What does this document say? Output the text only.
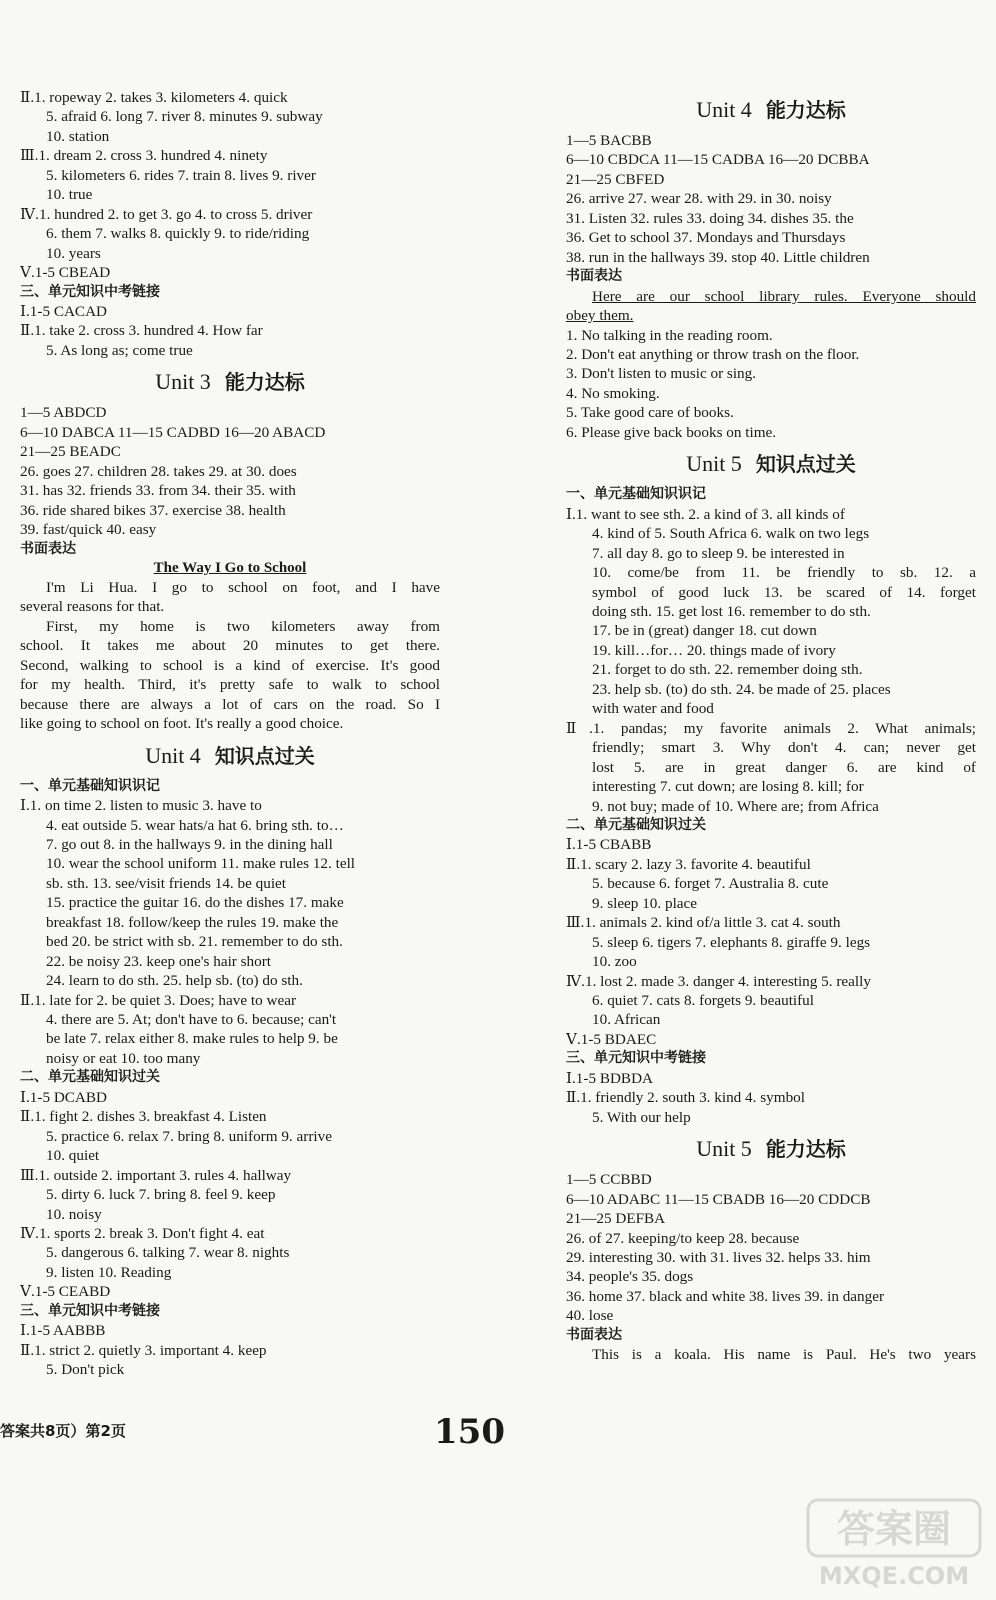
Ⅱ.1. ropeway 2. takes 3. kilometers 4. quick
5. afraid 6. long 7. river 8. minutes 9. subway
10. station
Ⅲ.1. dream 2. cross 3. hundred 4. ninety
5. kilometers 6. rides 7. train 8. lives 9. river
10. true
Ⅳ.1. hundred 2. to get 3. go 4. to cross 5. driver
6. them 7. walks 8. quickly 9. to ride/riding
10. years
Ⅴ.1-5 CBEAD
三、单元知识中考链接
Ⅰ.1-5 CACAD
Ⅱ.1. take 2. cross 3. hundred 4. How far
5. As long as; come true
Unit 3 能力达标
1—5 ABDCD
6—10 DABCA 11—15 CADBD 16—20 ABACD
21—25 BEADC
26. goes 27. children 28. takes 29. at 30. does
31. has 32. friends 33. from 34. their 35. with
36. ride shared bikes 37. exercise 38. health
39. fast/quick 40. easy
书面表达
The Way I Go to School
I'm Li Hua. I go to school on foot, and I have
several reasons for that.
First, my home is two kilometers away from
school. It takes me about 20 minutes to get there.
Second, walking to school is a kind of exercise. It's good
for my health. Third, it's pretty safe to walk to school
because there are always a lot of cars on the road. So I
like going to school on foot. It's really a good choice.
Unit 4 知识点过关
一、单元基础知识识记
Ⅰ.1. on time 2. listen to music 3. have to
4. eat outside 5. wear hats/a hat 6. bring sth. to…
7. go out 8. in the hallways 9. in the dining hall
10. wear the school uniform 11. make rules 12. tell
sb. sth. 13. see/visit friends 14. be quiet
15. practice the guitar 16. do the dishes 17. make
breakfast 18. follow/keep the rules 19. make the
bed 20. be strict with sb. 21. remember to do sth.
22. be noisy 23. keep one's hair short
24. learn to do sth. 25. help sb. (to) do sth.
Ⅱ.1. late for 2. be quiet 3. Does; have to wear
4. there are 5. At; don't have to 6. because; can't
be late 7. relax either 8. make rules to help 9. be
noisy or eat 10. too many
二、单元基础知识过关
Ⅰ.1-5 DCABD
Ⅱ.1. fight 2. dishes 3. breakfast 4. Listen
5. practice 6. relax 7. bring 8. uniform 9. arrive
10. quiet
Ⅲ.1. outside 2. important 3. rules 4. hallway
5. dirty 6. luck 7. bring 8. feel 9. keep
10. noisy
Ⅳ.1. sports 2. break 3. Don't fight 4. eat
5. dangerous 6. talking 7. wear 8. nights
9. listen 10. Reading
Ⅴ.1-5 CEABD
三、单元知识中考链接
Ⅰ.1-5 AABBB
Ⅱ.1. strict 2. quietly 3. important 4. keep
5. Don't pick
Unit 4 能力达标
1—5 BACBB
6—10 CBDCA 11—15 CADBA 16—20 DCBBA
21—25 CBFED
26. arrive 27. wear 28. with 29. in 30. noisy
31. Listen 32. rules 33. doing 34. dishes 35. the
36. Get to school 37. Mondays and Thursdays
38. run in the hallways 39. stop 40. Little children
书面表达
Here are our school library rules. Everyone should
obey them.
1. No talking in the reading room.
2. Don't eat anything or throw trash on the floor.
3. Don't listen to music or sing.
4. No smoking.
5. Take good care of books.
6. Please give back books on time.
Unit 5 知识点过关
一、单元基础知识识记
Ⅰ.1. want to see sth. 2. a kind of 3. all kinds of
4. kind of 5. South Africa 6. walk on two legs
7. all day 8. go to sleep 9. be interested in
10. come/be from 11. be friendly to sb. 12. a
symbol of good luck 13. be scared of 14. forget
doing sth. 15. get lost 16. remember to do sth.
17. be in (great) danger 18. cut down
19. kill…for… 20. things made of ivory
21. forget to do sth. 22. remember doing sth.
23. help sb. (to) do sth. 24. be made of 25. places
with water and food
Ⅱ.1. pandas; my favorite animals 2. What animals;
friendly; smart 3. Why don't 4. can; never get
lost 5. are in great danger 6. are kind of
interesting 7. cut down; are losing 8. kill; for
9. not buy; made of 10. Where are; from Africa
二、单元基础知识过关
Ⅰ.1-5 CBABB
Ⅱ.1. scary 2. lazy 3. favorite 4. beautiful
5. because 6. forget 7. Australia 8. cute
9. sleep 10. place
Ⅲ.1. animals 2. kind of/a little 3. cat 4. south
5. sleep 6. tigers 7. elephants 8. giraffe 9. legs
10. zoo
Ⅳ.1. lost 2. made 3. danger 4. interesting 5. really
6. quiet 7. cats 8. forgets 9. beautiful
10. African
Ⅴ.1-5 BDAEC
三、单元知识中考链接
Ⅰ.1-5 BDBDA
Ⅱ.1. friendly 2. south 3. kind 4. symbol
5. With our help
Unit 5 能力达标
1—5 CCBBD
6—10 ADABC 11—15 CBADB 16—20 CDDCB
21—25 DEFBA
26. of 27. keeping/to keep 28. because
29. interesting 30. with 31. lives 32. helps 33. him
34. people's 35. dogs
36. home 37. black and white 38. lives 39. in danger
40. lose
书面表达
This is a koala. His name is Paul. He's two years
答案共8页）第2页	150
答案圈
MXQE.COM
